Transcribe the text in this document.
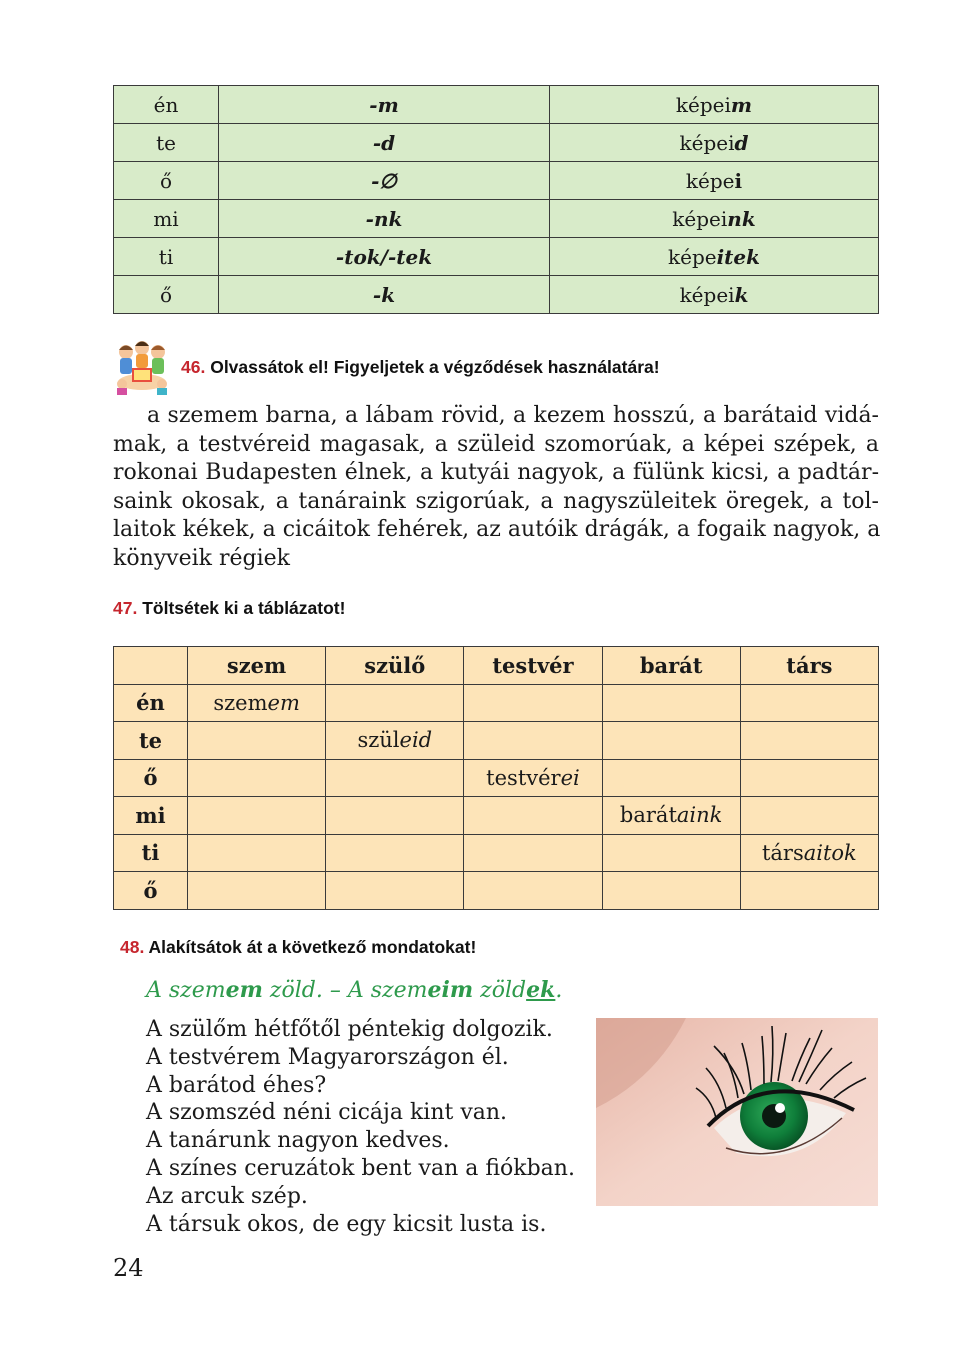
én	-m	képeim
te	-d	képeid
ő	-∅	képei
mi	-nk	képeink
ti	-tok/-tek	képeitek
ő	-k	képeik
46. Olvassátok el! Figyeljetek a végződések használatára!
a szemem barna, a lábam rövid, a kezem hosszú, a barátaid vidá-
mak, a testvéreid magasak, a szüleid szomorúak, a képei szépek, a
rokonai Budapesten élnek, a kutyái nagyok, a fülünk kicsi, a padtár-
saink okosak, a tanáraink szigorúak, a nagyszüleitek öregek, a tol-
laitok kékek, a cicáitok fehérek, az autóik drágák, a fogaik nagyok, a
könyveik régiek
47. Töltsétek ki a táblázatot!
	szem	szülő	testvér	barát	társ
én	szemem				
te		szüleid			
ő			testvérei		
mi				barátaink	
ti					társaitok
ő					
48. Alakítsátok át a következő mondatokat!
A szemem zöld. – A szemeim zöldek.
A szülőm hétfőtől péntekig dolgozik.
A testvérem Magyarországon él.
A barátod éhes?
A szomszéd néni cicája kint van.
A tanárunk nagyon kedves.
A színes ceruzátok bent van a fiókban.
Az arcuk szép.
A társuk okos, de egy kicsit lusta is.
24
